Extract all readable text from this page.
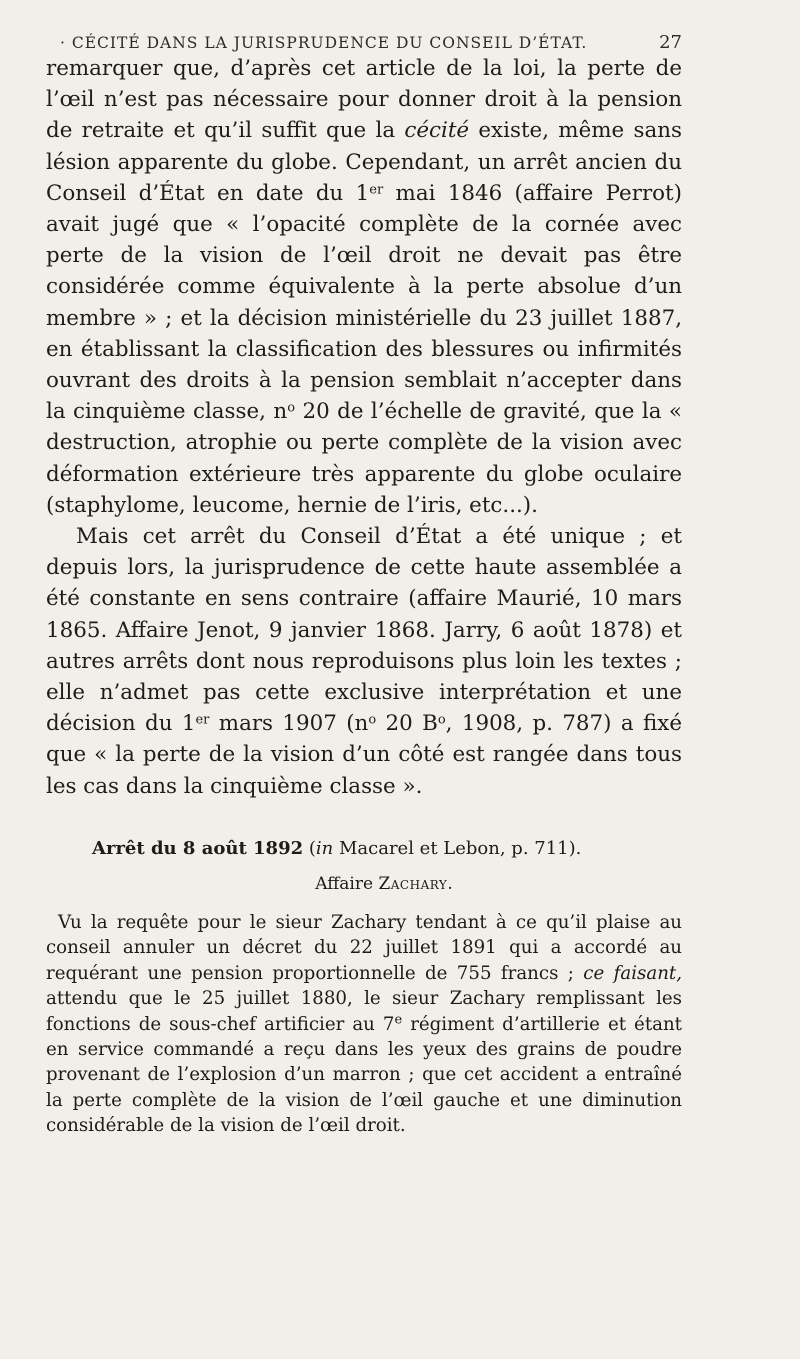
· CÉCITÉ DANS LA JURISPRUDENCE DU CONSEIL D’ÉTAT.	27

remarquer que, d’après cet article de la loi, la perte de l’œil n’est pas nécessaire pour donner droit à la pension de retraite et qu’il suffit que la cécité existe, même sans lésion apparente du globe. Cependant, un arrêt ancien du Conseil d’État en date du 1er mai 1846 (affaire Perrot) avait jugé que « l’opacité complète de la cornée avec perte de la vision de l’œil droit ne devait pas être considérée comme équivalente à la perte absolue d’un membre » ; et la décision ministérielle du 23 juillet 1887, en établissant la classification des blessures ou infirmités ouvrant des droits à la pension semblait n’accepter dans la cinquième classe, $n^o$ 20 de l’échelle de gravité, que la « destruction, atrophie ou perte complète de la vision avec déformation extérieure très apparente du globe oculaire (staphylome, leucome, hernie de l’iris, etc...).

Mais cet arrêt du Conseil d’État a été unique ; et depuis lors, la jurisprudence de cette haute assemblée a été constante en sens contraire (affaire Maurié, 10 mars 1865. Affaire Jenot, 9 janvier 1868. Jarry, 6 août 1878) et autres arrêts dont nous reproduisons plus loin les textes ; elle n’admet pas cette exclusive interprétation et une décision du 1er mars 1907 ($n^o$ 20 $B^o$, 1908, p. 787) a fixé que « la perte de la vision d’un côté est rangée dans tous les cas dans la cinquième classe ».

Arrêt du 8 août 1892 (in Macarel et Lebon, p. 711).
Affaire Zachary.

Vu la requête pour le sieur Zachary tendant à ce qu’il plaise au conseil annuler un décret du 22 juillet 1891 qui a accordé au requérant une pension proportionnelle de 755 francs ; ce faisant, attendu que le 25 juillet 1880, le sieur Zachary remplissant les fonctions de sous-chef artificier au 7e régiment d’artillerie et étant en service commandé a reçu dans les yeux des grains de poudre provenant de l’explosion d’un marron ; que cet accident a entraîné la perte complète de la vision de l’œil gauche et une diminution considérable de la vision de l’œil droit.
